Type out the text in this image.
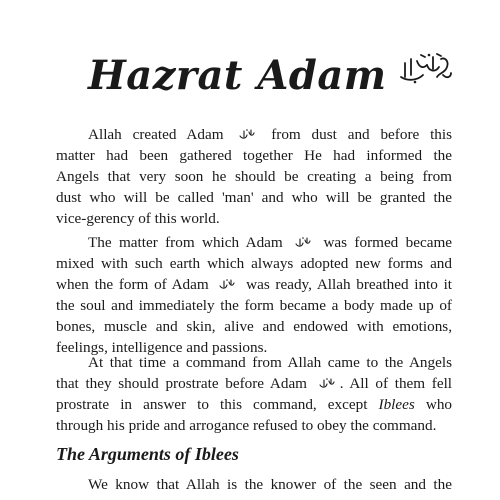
Hazrat Adam
Allah created Adam	from dust and before this
matter had been gathered together He had informed the
Angels that very soon he should be creating a being from
dust who will be called 'man' and who will be granted the
vice-gerency of this world.
The matter from which Adam	was formed became
mixed with such earth which always adopted new forms and
when the form of Adam was ready, Allah breathed into it
the soul and immediately the form became a body made up of
bones, muscle and skin, alive and endowed with emotions,
feelings, intelligence and passions.
At that time a command from Allah came to the Angels
that they should prostrate before Adam . All of them fell
prostrate in answer to this command, except Iblees who
through his pride and arrogance refused to obey the command.
The Arguments of Iblees
We know that Allah is the knower of the seen and the
